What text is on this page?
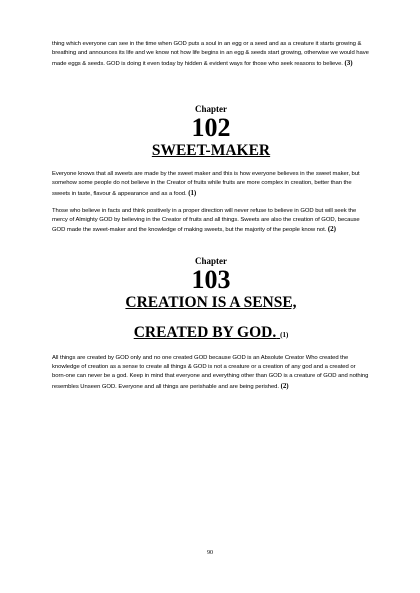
thing which everyone can see in the time when GOD puts a soul in an egg or a seed and as a creature it starts growing & breathing and announces its life and we know not how life begins in an egg & seeds start growing, otherwise we would have made eggs & seeds. GOD is doing it even today by hidden & evident ways for those who seek reasons to believe. (3)

Chapter

102

SWEET-MAKER

Everyone knows that all sweets are made by the sweet maker and this is how everyone believes in the sweet maker, but somehow some people do not believe in the Creator of fruits while fruits are more complex in creation, better than the sweets in taste, flavour & appearance and as a food. (1)

Those who believe in facts and think positively in a proper direction will never refuse to believe in GOD but will seek the mercy of Almighty GOD by believing in the Creator of fruits and all things. Sweets are also the creation of GOD, because GOD made the sweet-maker and the knowledge of making sweets, but the majority of the people know not. (2)

Chapter

103

CREATION IS A SENSE,

CREATED BY GOD. (1)

All things are created by GOD only and no one created GOD because GOD is an Absolute Creator Who created the knowledge of creation as a sense to create all things & GOD is not a creature or a creation of any god and a created or born-one can never be a god. Keep in mind that everyone and everything other than GOD is a creature of GOD and nothing resembles Unseen GOD. Everyone and all things are perishable and are being perished. (2)

90
